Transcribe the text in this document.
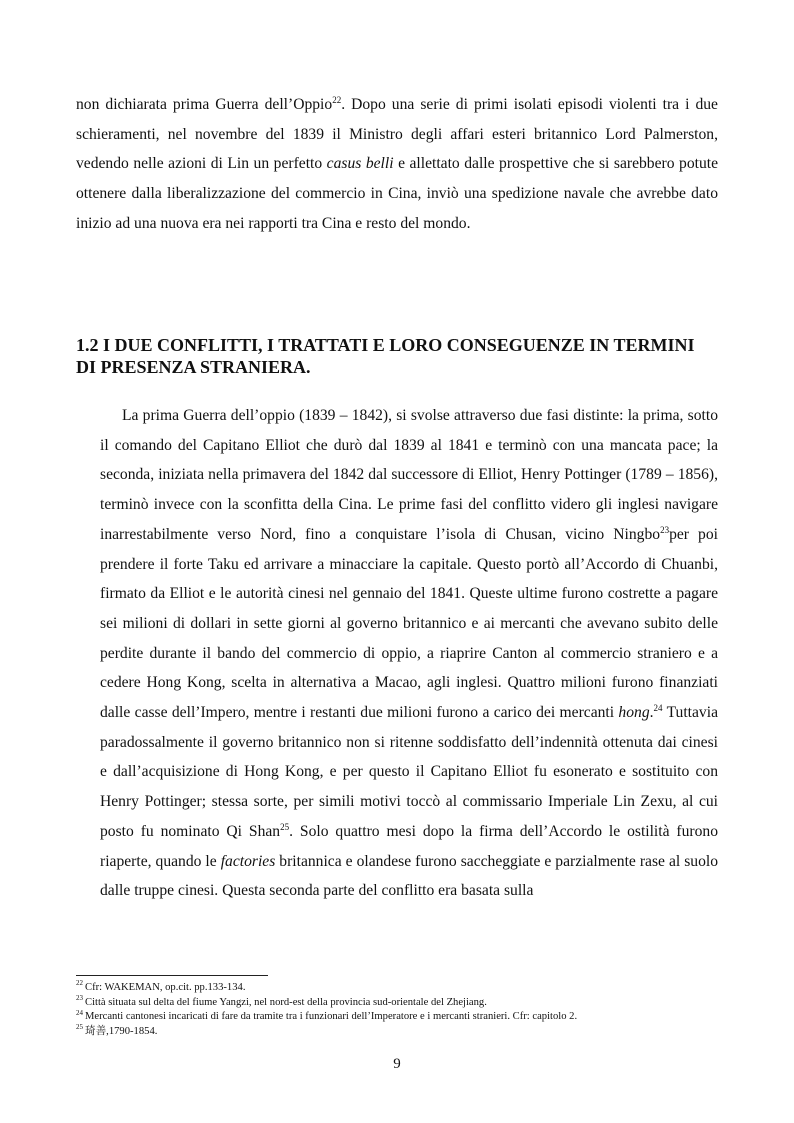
non dichiarata prima Guerra dell’Oppio$^{22}$. Dopo una serie di primi isolati episodi violenti tra i due schieramenti, nel novembre del 1839 il Ministro degli affari esteri britannico Lord Palmerston, vedendo nelle azioni di Lin un perfetto casus belli e allettato dalle prospettive che si sarebbero potute ottenere dalla liberalizzazione del commercio in Cina, inviò una spedizione navale che avrebbe dato inizio ad una nuova era nei rapporti tra Cina e resto del mondo.
1.2 I DUE CONFLITTI, I TRATTATI E LORO CONSEGUENZE IN TERMINI DI PRESENZA STRANIERA.
La prima Guerra dell’oppio (1839 – 1842), si svolse attraverso due fasi distinte: la prima, sotto il comando del Capitano Elliot che durò dal 1839 al 1841 e terminò con una mancata pace; la seconda, iniziata nella primavera del 1842 dal successore di Elliot, Henry Pottinger (1789 – 1856), terminò invece con la sconfitta della Cina. Le prime fasi del conflitto videro gli inglesi navigare inarrestabilmente verso Nord, fino a conquistare l’isola di Chusan, vicino Ningbo$^{23}$per poi prendere il forte Taku ed arrivare a minacciare la capitale. Questo portò all’Accordo di Chuanbi, firmato da Elliot e le autorità cinesi nel gennaio del 1841. Queste ultime furono costrette a pagare sei milioni di dollari in sette giorni al governo britannico e ai mercanti che avevano subito delle perdite durante il bando del commercio di oppio, a riaprire Canton al commercio straniero e a cedere Hong Kong, scelta in alternativa a Macao, agli inglesi. Quattro milioni furono finanziati dalle casse dell’Impero, mentre i restanti due milioni furono a carico dei mercanti hong.$^{24}$ Tuttavia paradossalmente il governo britannico non si ritenne soddisfatto dell’indennità ottenuta dai cinesi e dall’acquisizione di Hong Kong, e per questo il Capitano Elliot fu esonerato e sostituito con Henry Pottinger; stessa sorte, per simili motivi toccò al commissario Imperiale Lin Zexu, al cui posto fu nominato Qi Shan$^{25}$. Solo quattro mesi dopo la firma dell’Accordo le ostilità furono riaperte, quando le factories britannica e olandese furono saccheggiate e parzialmente rase al suolo dalle truppe cinesi. Questa seconda parte del conflitto era basata sulla
$^{22}$ Cfr: WAKEMAN, op.cit. pp.133-134.
$^{23}$ Città situata sul delta del fiume Yangzi, nel nord-est della provincia sud-orientale del Zhejiang.
$^{24}$ Mercanti cantonesi incaricati di fare da tramite tra i funzionari dell’Imperatore e i mercanti stranieri. Cfr: capitolo 2.
$^{25}$ 琦善,1790-1854.
9
